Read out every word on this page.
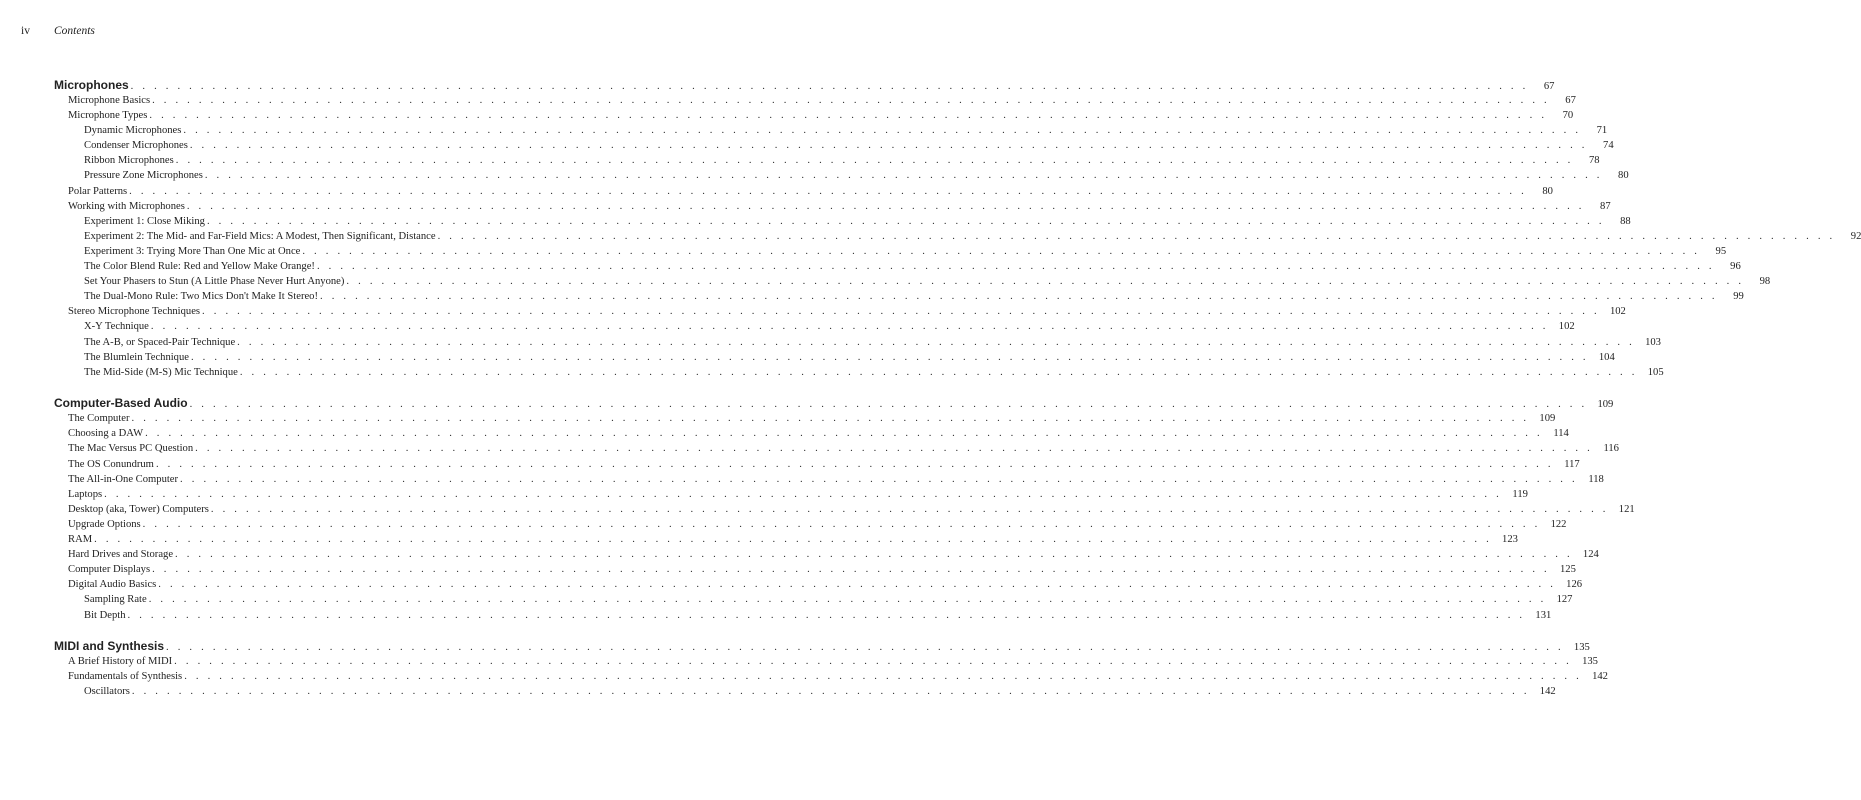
iv Contents
Microphones . . . . . . . . . . . . . . . . . . . . . . . . . . . . . . . . . . . . . . . . . . . . . . . . . . . . . . . . . . . . . . . . . . . . . . . . . . . . . . . . . . . . . . . . . . . . . . . . . . . . . . . . . . . . . . . . . . . . . . . .	67
Microphone Basics . . . . . . . . . . . . . . . . . . . . . . . . . . . . . . . . . . . . . . . . . . . . . . . . . . . . . . . . . . . . . . . . . . . . . . . . . . . . . . . . . . . . . . . . . . . . . . . . . . . . . . . . . . . . . . . . . . . . . . . .	67
Microphone Types . . . . . . . . . . . . . . . . . . . . . . . . . . . . . . . . . . . . . . . . . . . . . . . . . . . . . . . . . . . . . . . . . . . . . . . . . . . . . . . . . . . . . . . . . . . . . . . . . . . . . . . . . . . . . . . . . . . . . . . .	70
Dynamic Microphones . . . . . . . . . . . . . . . . . . . . . . . . . . . . . . . . . . . . . . . . . . . . . . . . . . . . . . . . . . . . . . . . . . . . . . . . . . . . . . . . . . . . . . . . . . . . . . . . . . . . . . . . . . . . . . . . . . . . . . . .	71
Condenser Microphones . . . . . . . . . . . . . . . . . . . . . . . . . . . . . . . . . . . . . . . . . . . . . . . . . . . . . . . . . . . . . . . . . . . . . . . . . . . . . . . . . . . . . . . . . . . . . . . . . . . . . . . . . . . . . . . . . . . . . . . .	74
Ribbon Microphones . . . . . . . . . . . . . . . . . . . . . . . . . . . . . . . . . . . . . . . . . . . . . . . . . . . . . . . . . . . . . . . . . . . . . . . . . . . . . . . . . . . . . . . . . . . . . . . . . . . . . . . . . . . . . . . . . . . . . . . .	78
Pressure Zone Microphones . . . . . . . . . . . . . . . . . . . . . . . . . . . . . . . . . . . . . . . . . . . . . . . . . . . . . . . . . . . . . . . . . . . . . . . . . . . . . . . . . . . . . . . . . . . . . . . . . . . . . . . . . . . . . . . . . . . . . . . .	80
Polar Patterns . . . . . . . . . . . . . . . . . . . . . . . . . . . . . . . . . . . . . . . . . . . . . . . . . . . . . . . . . . . . . . . . . . . . . . . . . . . . . . . . . . . . . . . . . . . . . . . . . . . . . . . . . . . . . . . . . . . . . . . .	80
Working with Microphones . . . . . . . . . . . . . . . . . . . . . . . . . . . . . . . . . . . . . . . . . . . . . . . . . . . . . . . . . . . . . . . . . . . . . . . . . . . . . . . . . . . . . . . . . . . . . . . . . . . . . . . . . . . . . . . . . . . . . . . .	87
Experiment 1: Close Miking . . . . . . . . . . . . . . . . . . . . . . . . . . . . . . . . . . . . . . . . . . . . . . . . . . . . . . . . . . . . . . . . . . . . . . . . . . . . . . . . . . . . . . . . . . . . . . . . . . . . . . . . . . . . . . . . . . . . . . . .	88
Experiment 2: The Mid- and Far-Field Mics: A Modest, Then Significant, Distance . . . . . . . . . . . . . . . . . . . . . . . . . . . . . . . . . . . . . . . . . . . . . . . . . . . . . . . . . . . . . . . . . . . . . . . . . . . . . . . . . . . . . . . . . . . . . . . . . . . . . . . . . . . . . . . . . . . . . . . .	92
Experiment 3: Trying More Than One Mic at Once . . . . . . . . . . . . . . . . . . . . . . . . . . . . . . . . . . . . . . . . . . . . . . . . . . . . . . . . . . . . . . . . . . . . . . . . . . . . . . . . . . . . . . . . . . . . . . . . . . . . . . . . . . . . . . . . . . . . . . . .	95
The Color Blend Rule: Red and Yellow Make Orange! . . . . . . . . . . . . . . . . . . . . . . . . . . . . . . . . . . . . . . . . . . . . . . . . . . . . . . . . . . . . . . . . . . . . . . . . . . . . . . . . . . . . . . . . . . . . . . . . . . . . . . . . . . . . . . . . . . . . . . . .	96
Set Your Phasers to Stun (A Little Phase Never Hurt Anyone) . . . . . . . . . . . . . . . . . . . . . . . . . . . . . . . . . . . . . . . . . . . . . . . . . . . . . . . . . . . . . . . . . . . . . . . . . . . . . . . . . . . . . . . . . . . . . . . . . . . . . . . . . . . . . . . . . . . . . . . .	98
The Dual-Mono Rule: Two Mics Don't Make It Stereo! . . . . . . . . . . . . . . . . . . . . . . . . . . . . . . . . . . . . . . . . . . . . . . . . . . . . . . . . . . . . . . . . . . . . . . . . . . . . . . . . . . . . . . . . . . . . . . . . . . . . . . . . . . . . . . . . . . . . . . . .	99
Stereo Microphone Techniques . . . . . . . . . . . . . . . . . . . . . . . . . . . . . . . . . . . . . . . . . . . . . . . . . . . . . . . . . . . . . . . . . . . . . . . . . . . . . . . . . . . . . . . . . . . . . . . . . . . . . . . . . . . . . . . . . . . . . . . . 102
X-Y Technique . . . . . . . . . . . . . . . . . . . . . . . . . . . . . . . . . . . . . . . . . . . . . . . . . . . . . . . . . . . . . . . . . . . . . . . . . . . . . . . . . . . . . . . . . . . . . . . . . . . . . . . . . . . . . . . . . . . . . . . . 102
The A-B, or Spaced-Pair Technique . . . . . . . . . . . . . . . . . . . . . . . . . . . . . . . . . . . . . . . . . . . . . . . . . . . . . . . . . . . . . . . . . . . . . . . . . . . . . . . . . . . . . . . . . . . . . . . . . . . . . . . . . . . . . . . . . . . . . . . . 103
The Blumlein Technique . . . . . . . . . . . . . . . . . . . . . . . . . . . . . . . . . . . . . . . . . . . . . . . . . . . . . . . . . . . . . . . . . . . . . . . . . . . . . . . . . . . . . . . . . . . . . . . . . . . . . . . . . . . . . . . . . . . . . . . . 104
The Mid-Side (M-S) Mic Technique . . . . . . . . . . . . . . . . . . . . . . . . . . . . . . . . . . . . . . . . . . . . . . . . . . . . . . . . . . . . . . . . . . . . . . . . . . . . . . . . . . . . . . . . . . . . . . . . . . . . . . . . . . . . . . . . . . . . . . . . 105
Computer-Based Audio . . . . . . . . . . . . . . . . . . . . . . . . . . . . . . . . . . . . . . . . . . . . . . . . . . . . . . . . . . . . . . . . . . . . . . . . . . . . . . . . . . . . . . . . . . . . . . . . . . . . . . . . . . . . . . . . . . . . . . . . 109
The Computer . . . . . . . . . . . . . . . . . . . . . . . . . . . . . . . . . . . . . . . . . . . . . . . . . . . . . . . . . . . . . . . . . . . . . . . . . . . . . . . . . . . . . . . . . . . . . . . . . . . . . . . . . . . . . . . . . . . . . . . . 109
Choosing a DAW . . . . . . . . . . . . . . . . . . . . . . . . . . . . . . . . . . . . . . . . . . . . . . . . . . . . . . . . . . . . . . . . . . . . . . . . . . . . . . . . . . . . . . . . . . . . . . . . . . . . . . . . . . . . . . . . . . . . . . . . 114
The Mac Versus PC Question . . . . . . . . . . . . . . . . . . . . . . . . . . . . . . . . . . . . . . . . . . . . . . . . . . . . . . . . . . . . . . . . . . . . . . . . . . . . . . . . . . . . . . . . . . . . . . . . . . . . . . . . . . . . . . . . . . . . . . . . 116
The OS Conundrum . . . . . . . . . . . . . . . . . . . . . . . . . . . . . . . . . . . . . . . . . . . . . . . . . . . . . . . . . . . . . . . . . . . . . . . . . . . . . . . . . . . . . . . . . . . . . . . . . . . . . . . . . . . . . . . . . . . . . . . . 117
The All-in-One Computer . . . . . . . . . . . . . . . . . . . . . . . . . . . . . . . . . . . . . . . . . . . . . . . . . . . . . . . . . . . . . . . . . . . . . . . . . . . . . . . . . . . . . . . . . . . . . . . . . . . . . . . . . . . . . . . . . . . . . . . . 118
Laptops . . . . . . . . . . . . . . . . . . . . . . . . . . . . . . . . . . . . . . . . . . . . . . . . . . . . . . . . . . . . . . . . . . . . . . . . . . . . . . . . . . . . . . . . . . . . . . . . . . . . . . . . . . . . . . . . . . . . . . . . 119
Desktop (aka, Tower) Computers . . . . . . . . . . . . . . . . . . . . . . . . . . . . . . . . . . . . . . . . . . . . . . . . . . . . . . . . . . . . . . . . . . . . . . . . . . . . . . . . . . . . . . . . . . . . . . . . . . . . . . . . . . . . . . . . . . . . . . . . 121
Upgrade Options . . . . . . . . . . . . . . . . . . . . . . . . . . . . . . . . . . . . . . . . . . . . . . . . . . . . . . . . . . . . . . . . . . . . . . . . . . . . . . . . . . . . . . . . . . . . . . . . . . . . . . . . . . . . . . . . . . . . . . . . 122
RAM . . . . . . . . . . . . . . . . . . . . . . . . . . . . . . . . . . . . . . . . . . . . . . . . . . . . . . . . . . . . . . . . . . . . . . . . . . . . . . . . . . . . . . . . . . . . . . . . . . . . . . . . . . . . . . . . . . . . . . . . 123
Hard Drives and Storage . . . . . . . . . . . . . . . . . . . . . . . . . . . . . . . . . . . . . . . . . . . . . . . . . . . . . . . . . . . . . . . . . . . . . . . . . . . . . . . . . . . . . . . . . . . . . . . . . . . . . . . . . . . . . . . . . . . . . . . . 124
Computer Displays . . . . . . . . . . . . . . . . . . . . . . . . . . . . . . . . . . . . . . . . . . . . . . . . . . . . . . . . . . . . . . . . . . . . . . . . . . . . . . . . . . . . . . . . . . . . . . . . . . . . . . . . . . . . . . . . . . . . . . . . 125
Digital Audio Basics . . . . . . . . . . . . . . . . . . . . . . . . . . . . . . . . . . . . . . . . . . . . . . . . . . . . . . . . . . . . . . . . . . . . . . . . . . . . . . . . . . . . . . . . . . . . . . . . . . . . . . . . . . . . . . . . . . . . . . . . 126
Sampling Rate . . . . . . . . . . . . . . . . . . . . . . . . . . . . . . . . . . . . . . . . . . . . . . . . . . . . . . . . . . . . . . . . . . . . . . . . . . . . . . . . . . . . . . . . . . . . . . . . . . . . . . . . . . . . . . . . . . . . . . . . 127
Bit Depth . . . . . . . . . . . . . . . . . . . . . . . . . . . . . . . . . . . . . . . . . . . . . . . . . . . . . . . . . . . . . . . . . . . . . . . . . . . . . . . . . . . . . . . . . . . . . . . . . . . . . . . . . . . . . . . . . . . . . . . . 131
MIDI and Synthesis . . . . . . . . . . . . . . . . . . . . . . . . . . . . . . . . . . . . . . . . . . . . . . . . . . . . . . . . . . . . . . . . . . . . . . . . . . . . . . . . . . . . . . . . . . . . . . . . . . . . . . . . . . . . . . . . . . . . . . . . 135
A Brief History of MIDI . . . . . . . . . . . . . . . . . . . . . . . . . . . . . . . . . . . . . . . . . . . . . . . . . . . . . . . . . . . . . . . . . . . . . . . . . . . . . . . . . . . . . . . . . . . . . . . . . . . . . . . . . . . . . . . . . . . . . . . . 135
Fundamentals of Synthesis . . . . . . . . . . . . . . . . . . . . . . . . . . . . . . . . . . . . . . . . . . . . . . . . . . . . . . . . . . . . . . . . . . . . . . . . . . . . . . . . . . . . . . . . . . . . . . . . . . . . . . . . . . . . . . . . . . . . . . . . 142
Oscillators . . . . . . . . . . . . . . . . . . . . . . . . . . . . . . . . . . . . . . . . . . . . . . . . . . . . . . . . . . . . . . . . . . . . . . . . . . . . . . . . . . . . . . . . . . . . . . . . . . . . . . . . . . . . . . . . . . . . . . . . 142
